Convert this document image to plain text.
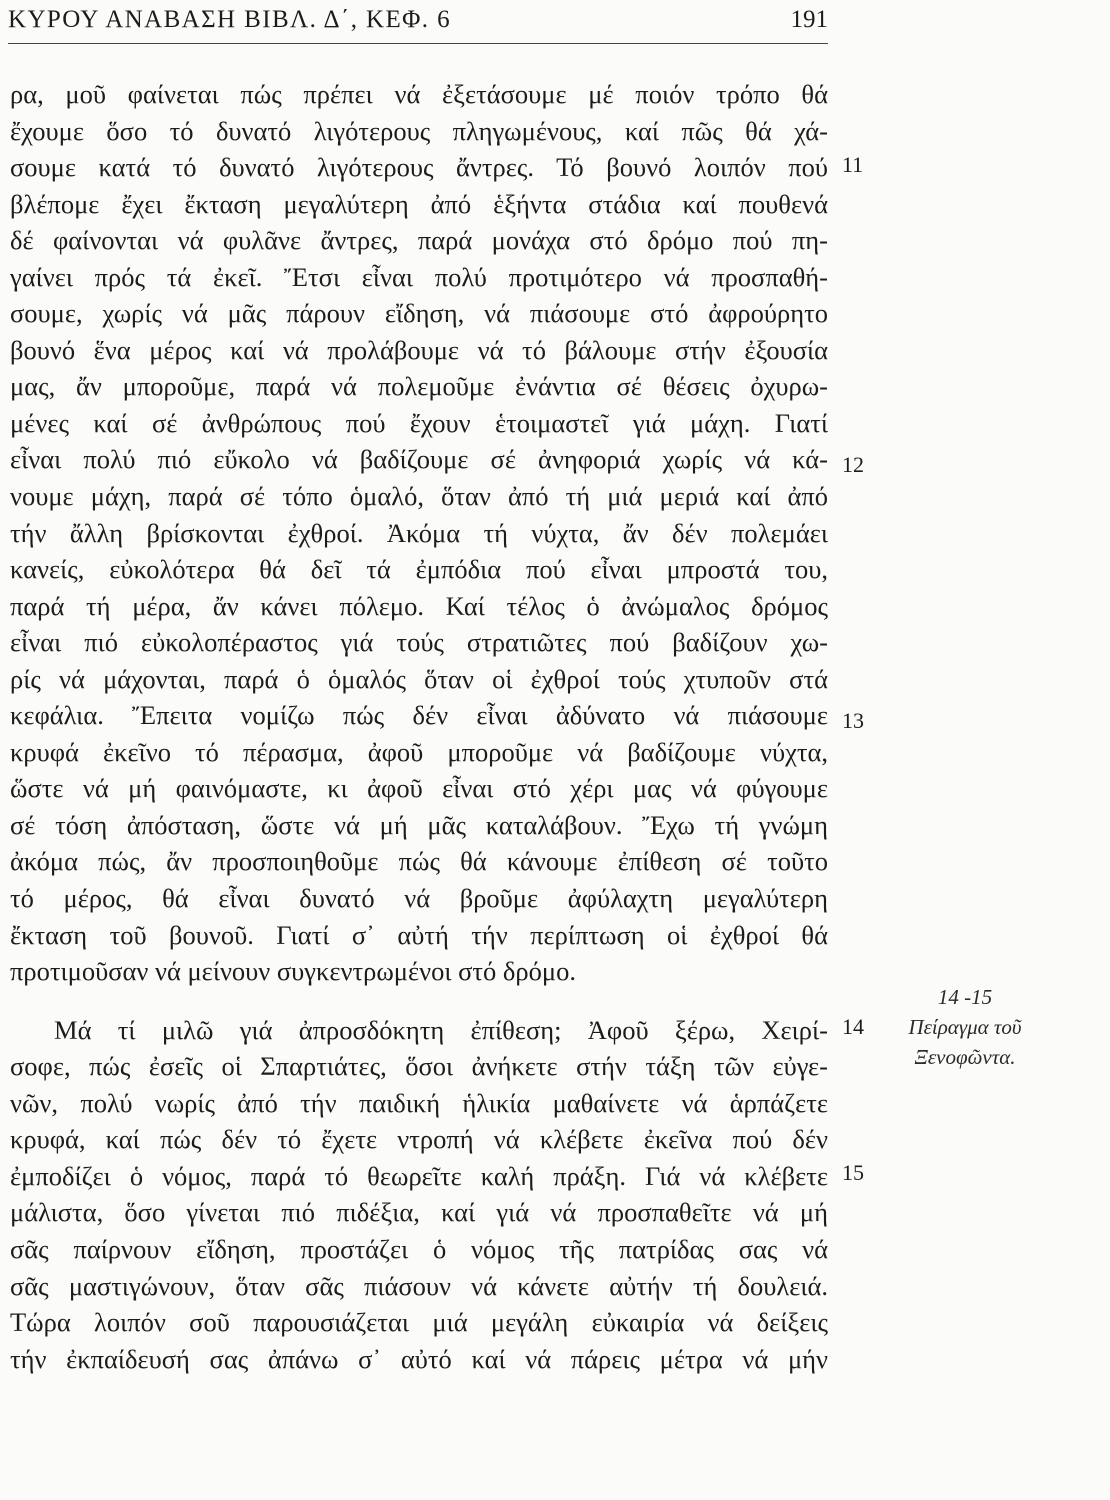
ΚΥΡΟΥ ΑΝΑΒΑΣΗ ΒΙΒΛ. Δ΄, ΚΕΦ. 6	191
ρα, μοῦ φαίνεται πώς πρέπει νά ἐξετάσουμε μέ ποιόν τρόπο θά
ἔχουμε ὅσο τό δυνατό λιγότερους πληγωμένους, καί πῶς θά χά-
σουμε κατά τό δυνατό λιγότερους ἄντρες. Τό βουνό λοιπόν πού
βλέπομε ἔχει ἔκταση μεγαλύτερη ἀπό ἑξήντα στάδια καί πουθενά
δέ φαίνονται νά φυλᾶνε ἄντρες, παρά μονάχα στό δρόμο πού πη-
γαίνει πρός τά ἐκεῖ. Ἔτσι εἶναι πολύ προτιμότερο νά προσπαθή-
σουμε, χωρίς νά μᾶς πάρουν εἴδηση, νά πιάσουμε στό ἀφρούρητο
βουνό ἕνα μέρος καί νά προλάβουμε νά τό βάλουμε στήν ἐξουσία
μας, ἄν μποροῦμε, παρά νά πολεμοῦμε ἐνάντια σέ θέσεις ὀχυρω-
μένες καί σέ ἀνθρώπους πού ἔχουν ἑτοιμαστεῖ γιά μάχη. Γιατί
εἶναι πολύ πιό εὔκολο νά βαδίζουμε σέ ἀνηφοριά χωρίς νά κά-
νουμε μάχη, παρά σέ τόπο ὁμαλό, ὅταν ἀπό τή μιά μεριά καί ἀπό
τήν ἄλλη βρίσκονται ἐχθροί. Ἀκόμα τή νύχτα, ἄν δέν πολεμάει
κανείς, εὐκολότερα θά δεῖ τά ἐμπόδια πού εἶναι μπροστά του,
παρά τή μέρα, ἄν κάνει πόλεμο. Καί τέλος ὁ ἀνώμαλος δρόμος
εἶναι πιό εὐκολοπέραστος γιά τούς στρατιῶτες πού βαδίζουν χω-
ρίς νά μάχονται, παρά ὁ ὁμαλός ὅταν οἱ ἐχθροί τούς χτυποῦν στά
κεφάλια. Ἔπειτα νομίζω πώς δέν εἶναι ἀδύνατο νά πιάσουμε
κρυφά ἐκεῖνο τό πέρασμα, ἀφοῦ μποροῦμε νά βαδίζουμε νύχτα,
ὥστε νά μή φαινόμαστε, κι ἀφοῦ εἶναι στό χέρι μας νά φύγουμε
σέ τόση ἀπόσταση, ὥστε νά μή μᾶς καταλάβουν. Ἔχω τή γνώμη
ἀκόμα πώς, ἄν προσποιηθοῦμε πώς θά κάνουμε ἐπίθεση σέ τοῦτο
τό μέρος, θά εἶναι δυνατό νά βροῦμε ἀφύλαχτη μεγαλύτερη
ἔκταση τοῦ βουνοῦ. Γιατί σ᾽ αὐτή τήν περίπτωση οἱ ἐχθροί θά
προτιμοῦσαν νά μείνουν συγκεντρωμένοι στό δρόμο.
Μά τί μιλῶ γιά ἀπροσδόκητη ἐπίθεση; Ἀφοῦ ξέρω, Χειρί-
σοφε, πώς ἐσεῖς οἱ Σπαρτιάτες, ὅσοι ἀνήκετε στήν τάξη τῶν εὐγε-
νῶν, πολύ νωρίς ἀπό τήν παιδική ἡλικία μαθαίνετε νά ἁρπάζετε
κρυφά, καί πώς δέν τό ἔχετε ντροπή νά κλέβετε ἐκεῖνα πού δέν
ἐμποδίζει ὁ νόμος, παρά τό θεωρεῖτε καλή πράξη. Γιά νά κλέβετε
μάλιστα, ὅσο γίνεται πιό πιδέξια, καί γιά νά προσπαθεῖτε νά μή
σᾶς παίρνουν εἴδηση, προστάζει ὁ νόμος τῆς πατρίδας σας νά
σᾶς μαστιγώνουν, ὅταν σᾶς πιάσουν νά κάνετε αὐτήν τή δουλειά.
Τώρα λοιπόν σοῦ παρουσιάζεται μιά μεγάλη εὐκαιρία νά δείξεις
τήν ἐκπαίδευσή σας ἀπάνω σ᾽ αὐτό καί νά πάρεις μέτρα νά μήν
11
12
13
14
15
14 -15
Πείραγμα τοῦ
Ξενοφῶντα.
